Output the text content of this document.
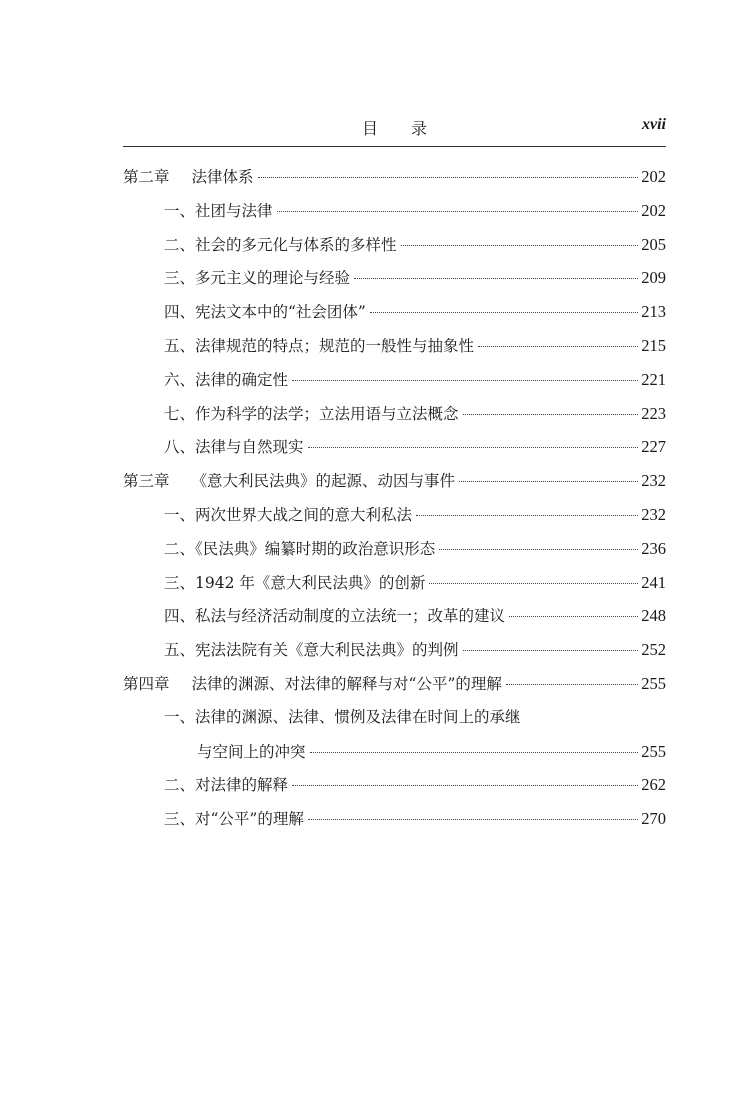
目 录	xvii
第二章 法律体系	202
一、社团与法律	202
二、社会的多元化与体系的多样性	205
三、多元主义的理论与经验	209
四、宪法文本中的“社会团体”	213
五、法律规范的特点；规范的一般性与抽象性	215
六、法律的确定性	221
七、作为科学的法学；立法用语与立法概念	223
八、法律与自然现实	227
第三章 《意大利民法典》的起源、动因与事件	232
一、两次世界大战之间的意大利私法	232
二、《民法典》编纂时期的政治意识形态	236
三、1942 年《意大利民法典》的创新	241
四、私法与经济活动制度的立法统一；改革的建议	248
五、宪法法院有关《意大利民法典》的判例	252
第四章 法律的渊源、对法律的解释与对“公平”的理解	255
一、法律的渊源、法律、惯例及法律在时间上的承继
与空间上的冲突	255
二、对法律的解释	262
三、对“公平”的理解	270
